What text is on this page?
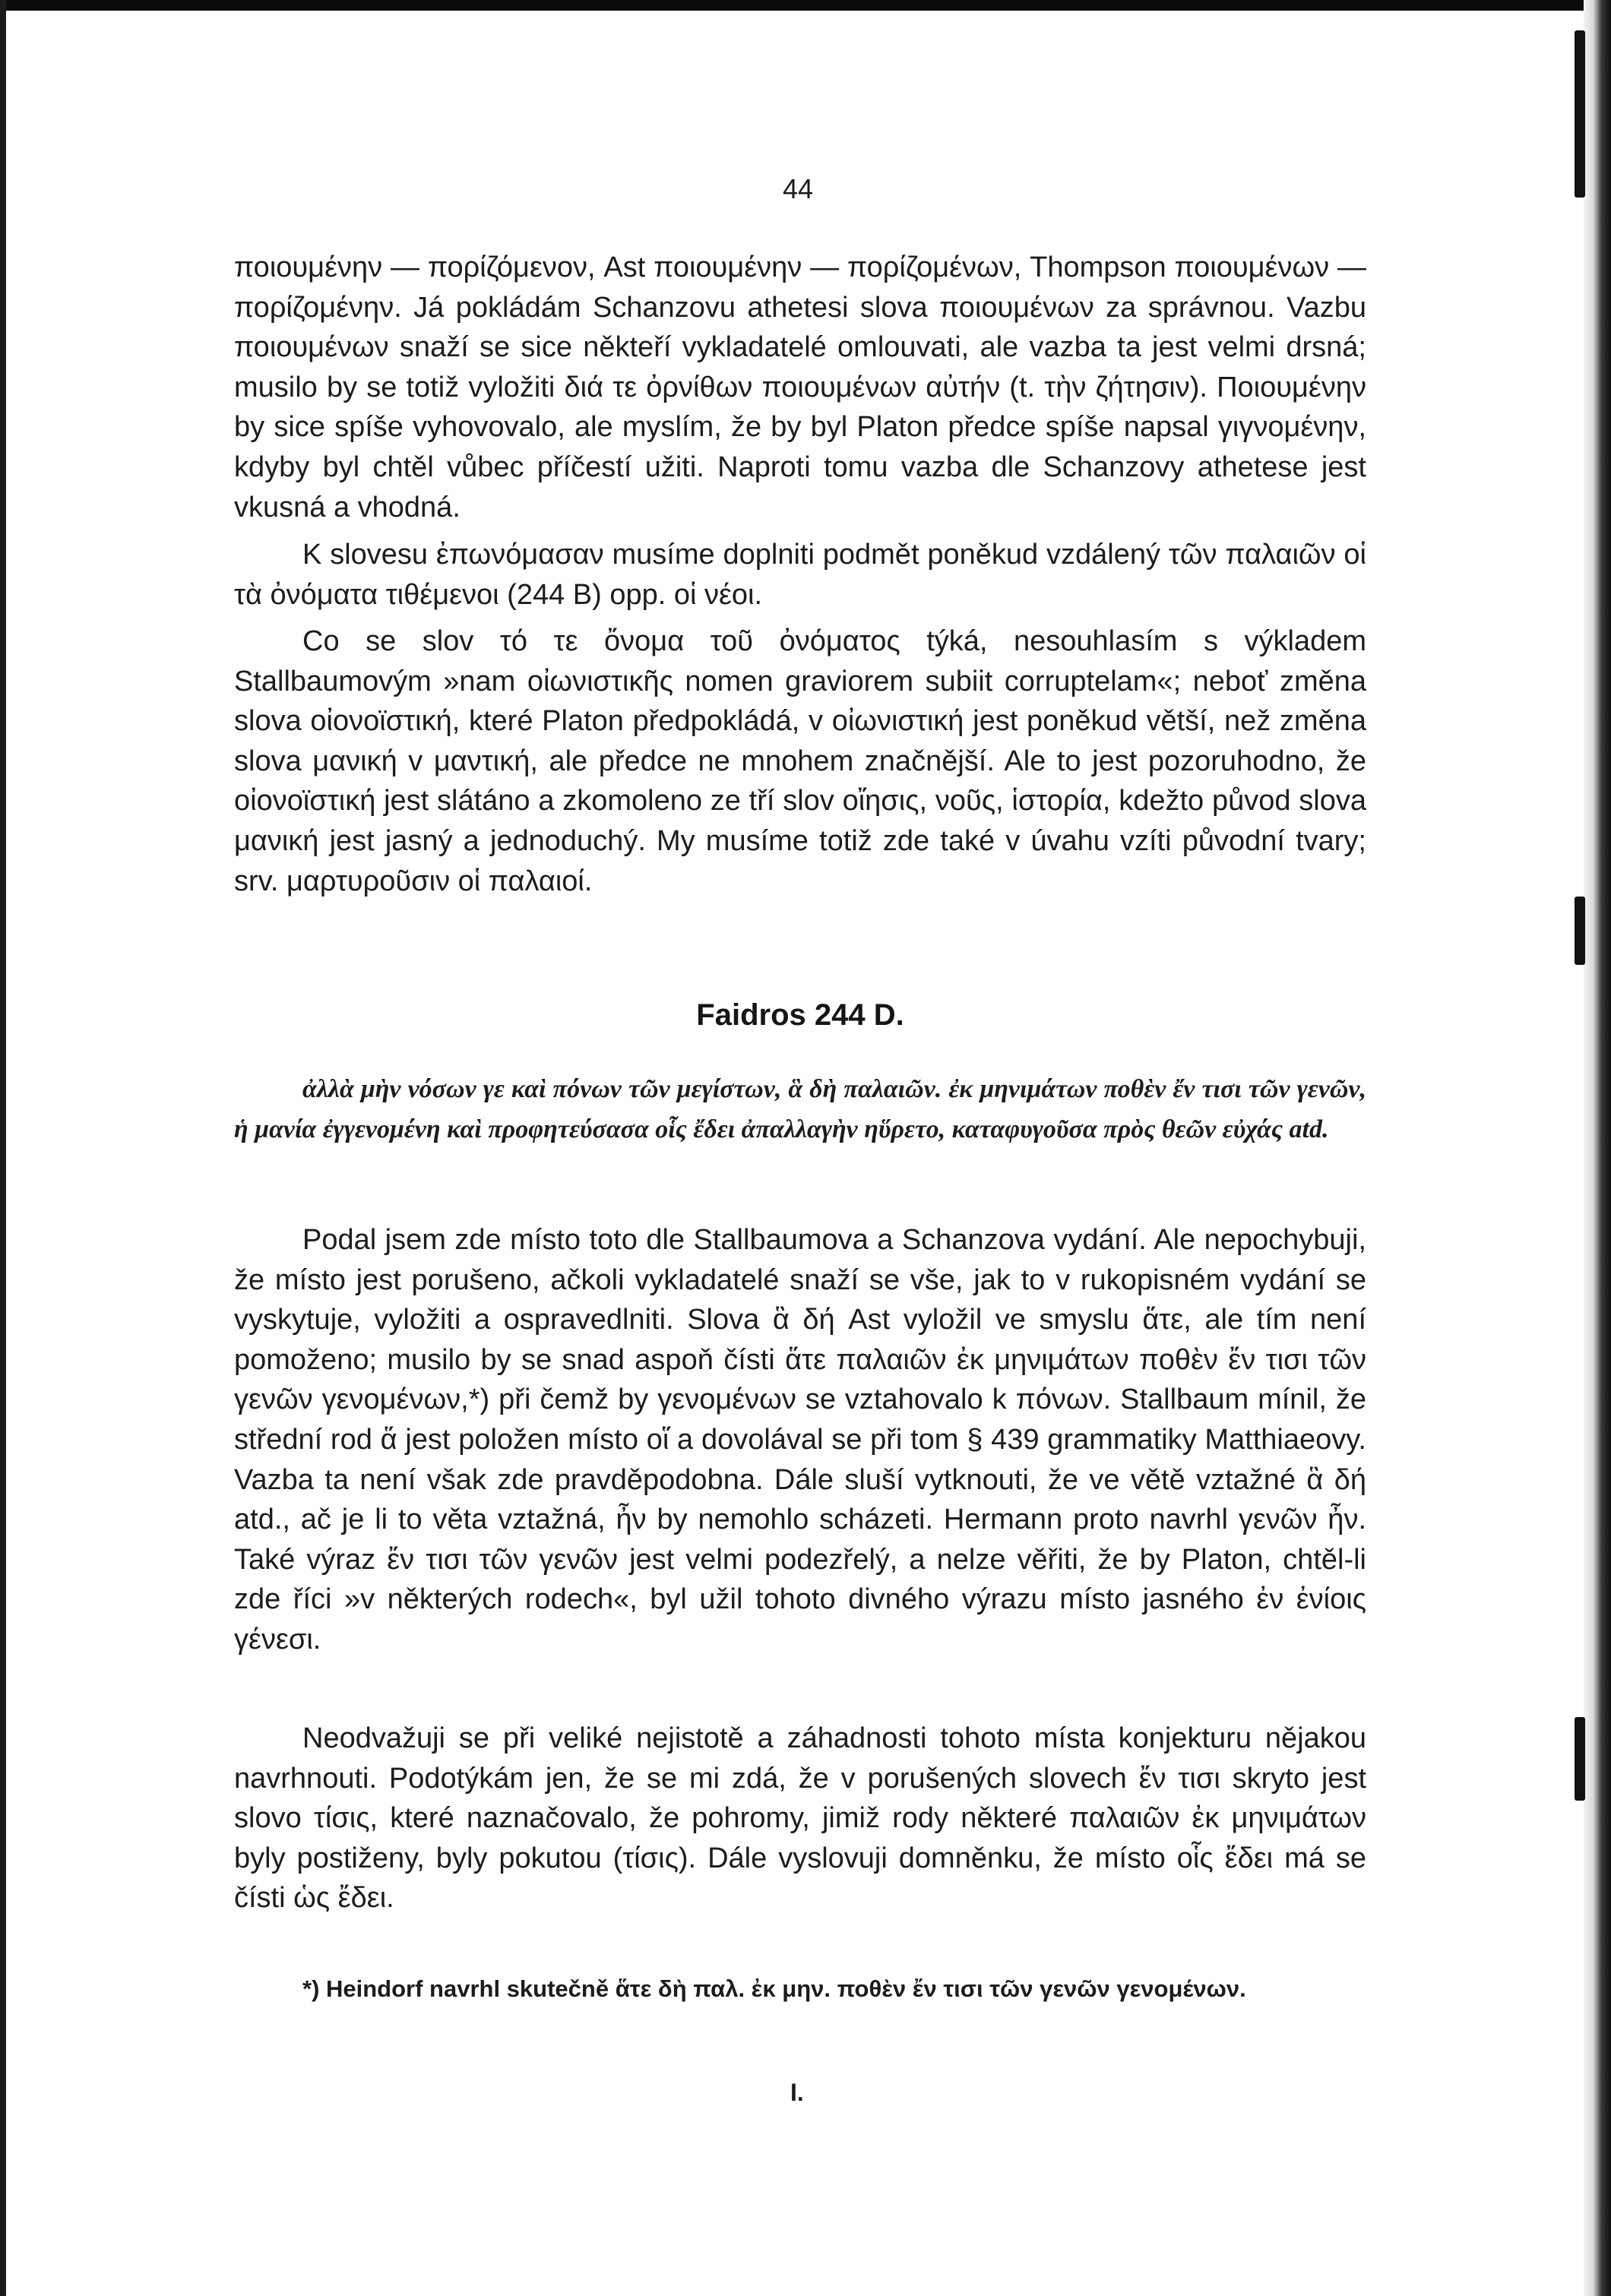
44

ποιουμένην — πορίζόμενον, Ast ποιουμένην — πορίζομένων, Thompson ποιουμένων — πορίζομένην. Já pokládám Schanzovu athetesi slova ποιουμένων za správnou. Vazbu ποιουμένων snaží se sice někteří vykladatelé omlouvati, ale vazba ta jest velmi drsná; musilo by se totiž vyložiti διά τε ὀρνίθων ποιουμένων αὐτήν (t. τὴν ζήτησιν). Ποιουμένην by sice spíše vyhovovalo, ale myslím, že by byl Platon předce spíše napsal γιγνομένην, kdyby byl chtěl vůbec příčestí užiti. Naproti tomu vazba dle Schanzovy athetese jest vkusná a vhodná.

K slovesu ἐπωνόμασαν musíme doplniti podmět poněkud vzdálený τῶν παλαιῶν οἱ τὰ ὀνόματα τιθέμενοι (244 B) opp. οἱ νέοι.

Co se slov τό τε ὄνομα τοῦ ὀνόματος týká, nesouhlasím s výkladem Stallbaumovým »nam οἰωνιστικῆς nomen graviorem subiit corruptelam«; neboť změna slova οἰονοϊστική, které Platon předpokládá, v οἰωνιστική jest poněkud větší, než změna slova μανική v μαντική, ale předce ne mnohem značnější. Ale to jest pozoruhodno, že οἰονοϊστική jest slátáno a zkomoleno ze tří slov οἴησις, νοῦς, ἱστορία, kdežto původ slova μανική jest jasný a jednoduchý. My musíme totiž zde také v úvahu vzíti původní tvary; srv. μαρτυροῦσιν οἱ παλαιοί.

Faidros 244 D.

ἀλλὰ μὴν νόσων γε καὶ πόνων τῶν μεγίστων, ἃ δὴ παλαιῶν. ἐκ μηνιμάτων ποθὲν ἔν τισι τῶν γενῶν, ἡ μανία ἐγγενομένη καὶ προφητεύσασα οἷς ἔδει ἀπαλλαγὴν ηὕρετο, καταφυγοῦσα πρὸς θεῶν εὐχάς atd.

Podal jsem zde místo toto dle Stallbaumova a Schanzova vydání. Ale nepochybuji, že místo jest porušeno, ačkoli vykladatelé snaží se vše, jak to v rukopisném vydání se vyskytuje, vyložiti a ospravedlniti. Slova ἃ δή Ast vyložil ve smyslu ἅτε, ale tím není pomoženo; musilo by se snad aspoň čísti ἅτε παλαιῶν ἐκ μηνιμάτων ποθὲν ἔν τισι τῶν γενῶν γενομένων,*) při čemž by γενομένων se vztahovalo k πόνων. Stallbaum mínil, že střední rod ἅ jest položen místo οἵ a dovolával se při tom § 439 grammatiky Matthiaeovy. Vazba ta není však zde pravděpodobna. Dále sluší vytknouti, že ve větě vztažné ἃ δή atd., ač je li to věta vztažná, ἦν by nemohlo scházeti. Hermann proto navrhl γενῶν ἦν. Také výraz ἔν τισι τῶν γενῶν jest velmi podezřelý, a nelze věřiti, že by Platon, chtěl-li zde říci »v některých rodech«, byl užil tohoto divného výrazu místo jasného ἐν ἐνίοις γένεσι.

Neodvažuji se při veliké nejistotě a záhadnosti tohoto místa konjekturu nějakou navrhnouti. Podotýkám jen, že se mi zdá, že v porušených slovech ἔν τισι skryto jest slovo τίσις, které naznačovalo, že pohromy, jimiž rody některé παλαιῶν ἐκ μηνιμάτων byly postiženy, byly pokutou (τίσις). Dále vyslovuji domněnku, že místo οἷς ἔδει má se čísti ὡς ἔδει.

*) Heindorf navrhl skutečně ἅτε δὴ παλ. ἐκ μην. ποθὲν ἔν τισι τῶν γενῶν γενομένων.

I.
